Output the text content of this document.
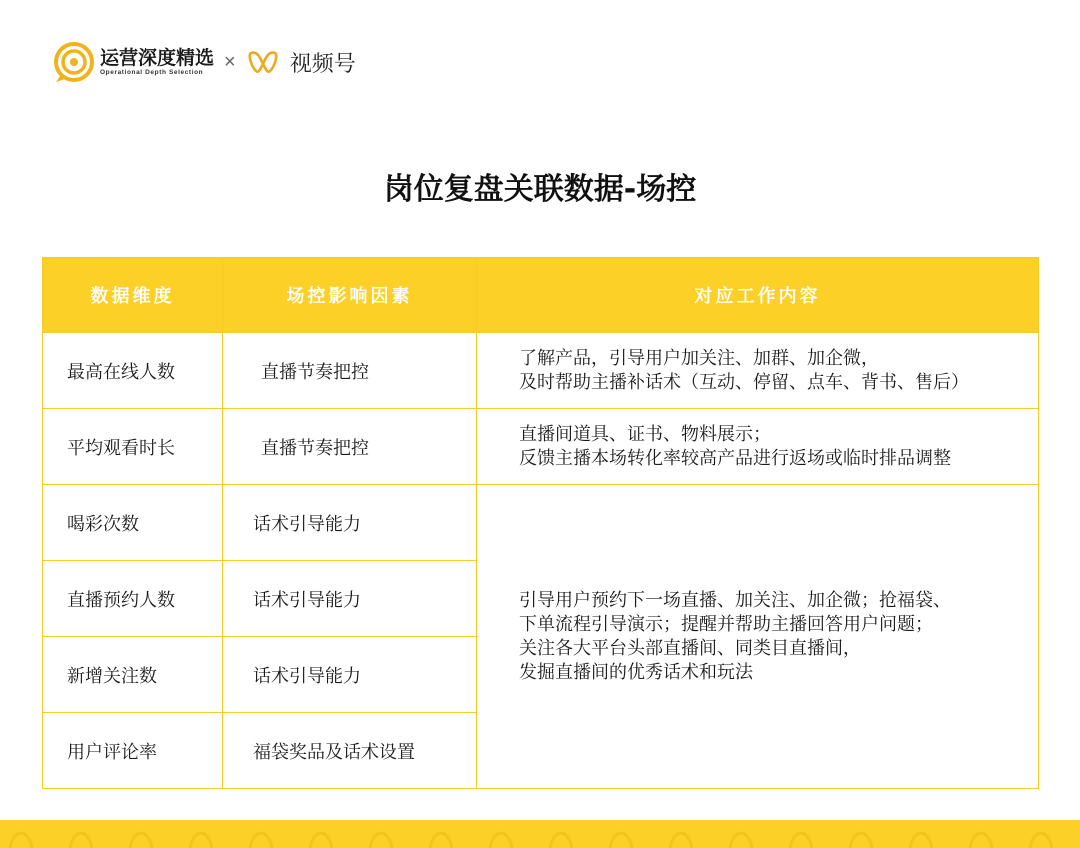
运营深度精选
Operational Depth Selection	× 视频号
岗位复盘关联数据-场控
数据维度	场控影响因素	对应工作内容
最高在线人数	直播节奏把控	了解产品，引导用户加关注、加群、加企微，
及时帮助主播补话术（互动、停留、点车、背书、售后）

平均观看时长	直播节奏把控	直播间道具、证书、物料展示；
反馈主播本场转化率较高产品进行返场或临时排品调整

喝彩次数	话术引导能力	引导用户预约下一场直播、加关注、加企微；抢福袋、
下单流程引导演示；提醒并帮助主播回答用户问题；
关注各大平台头部直播间、同类目直播间，
发掘直播间的优秀话术和玩法

直播预约人数	话术引导能力	
新增关注数	话术引导能力	
用户评论率	福袋奖品及话术设置	
